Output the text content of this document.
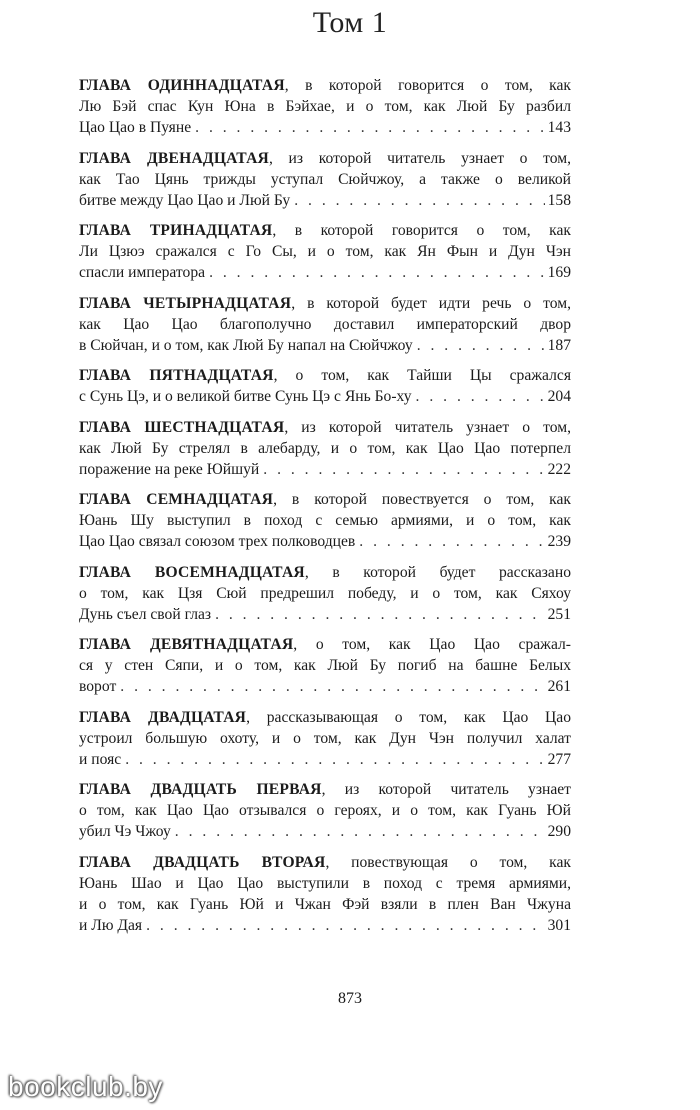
Том 1
ГЛАВА ОДИННАДЦАТАЯ, в которой говорится о том, как
Лю Бэй спас Кун Юна в Бэйхае, и о том, как Люй Бу разбил
Цао Цао в Пуяне . . .	143
ГЛАВА ДВЕНАДЦАТАЯ, из которой читатель узнает о том,
как Тао Цянь трижды уступал Сюйчжоу, а также о великой
битве между Цао Цао и Люй Бу . . .	158
ГЛАВА ТРИНАДЦАТАЯ, в которой говорится о том, как
Ли Цзюэ сражался с Го Сы, и о том, как Ян Фын и Дун Чэн
спасли императора . . .	169
ГЛАВА ЧЕТЫРНАДЦАТАЯ, в которой будет идти речь о том,
как Цао Цао благополучно доставил императорский двор
в Сюйчан, и о том, как Люй Бу напал на Сюйчжоу . . .	187
ГЛАВА ПЯТНАДЦАТАЯ, о том, как Тайши Цы сражался
с Сунь Цэ, и о великой битве Сунь Цэ с Янь Бо-ху . . .	204
ГЛАВА ШЕСТНАДЦАТАЯ, из которой читатель узнает о том,
как Люй Бу стрелял в алебарду, и о том, как Цао Цао потерпел
поражение на реке Юйшуй . . .	222
ГЛАВА СЕМНАДЦАТАЯ, в которой повествуется о том, как
Юань Шу выступил в поход с семью армиями, и о том, как
Цао Цао связал союзом трех полководцев . . .	239
ГЛАВА ВОСЕМНАДЦАТАЯ, в которой будет рассказано
о том, как Цзя Сюй предрешил победу, и о том, как Сяхоу
Дунь съел свой глаз . . .	251
ГЛАВА ДЕВЯТНАДЦАТАЯ, о том, как Цао Цао сражал-
ся у стен Сяпи, и о том, как Люй Бу погиб на башне Белых
ворот . . .	261
ГЛАВА ДВАДЦАТАЯ, рассказывающая о том, как Цао Цао
устроил большую охоту, и о том, как Дун Чэн получил халат
и пояс . . .	277
ГЛАВА ДВАДЦАТЬ ПЕРВАЯ, из которой читатель узнает
о том, как Цао Цао отзывался о героях, и о том, как Гуань Юй
убил Чэ Чжоу . . .	290
ГЛАВА ДВАДЦАТЬ ВТОРАЯ, повествующая о том, как
Юань Шао и Цао Цао выступили в поход с тремя армиями,
и о том, как Гуань Юй и Чжан Фэй взяли в плен Ван Чжуна
и Лю Дая . . .	301
873
bookclub.by
